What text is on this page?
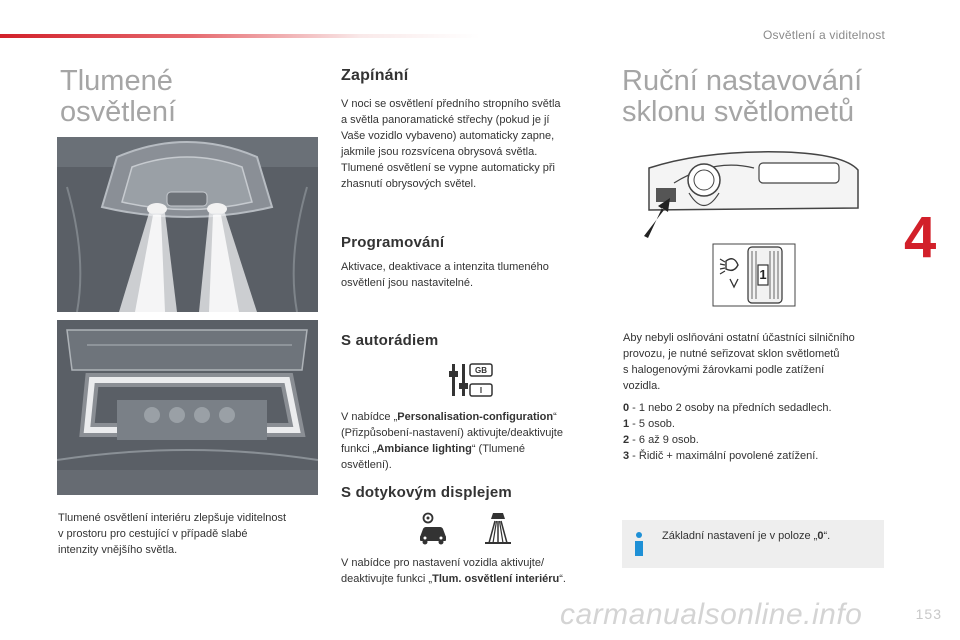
Osvětlení a viditelnost
Tlumené
osvětlení

Tlumené osvětlení interiéru zlepšuje viditelnost
v prostoru pro cestující v případě slabé
intenzity vnějšího světla.

Zapínání

V noci se osvětlení předního stropního světla
a světla panoramatické střechy (pokud je jí
Vaše vozidlo vybaveno) automaticky zapne,
jakmile jsou rozsvícena obrysová světla.
Tlumené osvětlení se vypne automaticky při
zhasnutí obrysových světel.

Programování

Aktivace, deaktivace a intenzita tlumeného
osvětlení jsou nastavitelné.

S autorádiem
GB
I

V nabídce „Personalisation-configuration“
(Přizpůsobení-nastavení) aktivujte/deaktivujte
funkci „Ambiance lighting“ (Tlumené
osvětlení).

S dotykovým displejem

V nabídce pro nastavení vozidla aktivujte/
deaktivujte funkci „Tlum. osvětlení interiéru“.

Ruční nastavování
sklonu světlometů
1

Aby nebyli oslňováni ostatní účastníci silničního
provozu, je nutné seřizovat sklon světlometů
s halogenovými žárovkami podle zatížení
vozidla.

0 - 1 nebo 2 osoby na předních sedadlech.
1 - 5 osob.
2 - 6 až 9 osob.
3 - Řidič + maximální povolené zatížení.
Základní nastavení je v poloze „0“.
4
carmanualsonline.info	153
